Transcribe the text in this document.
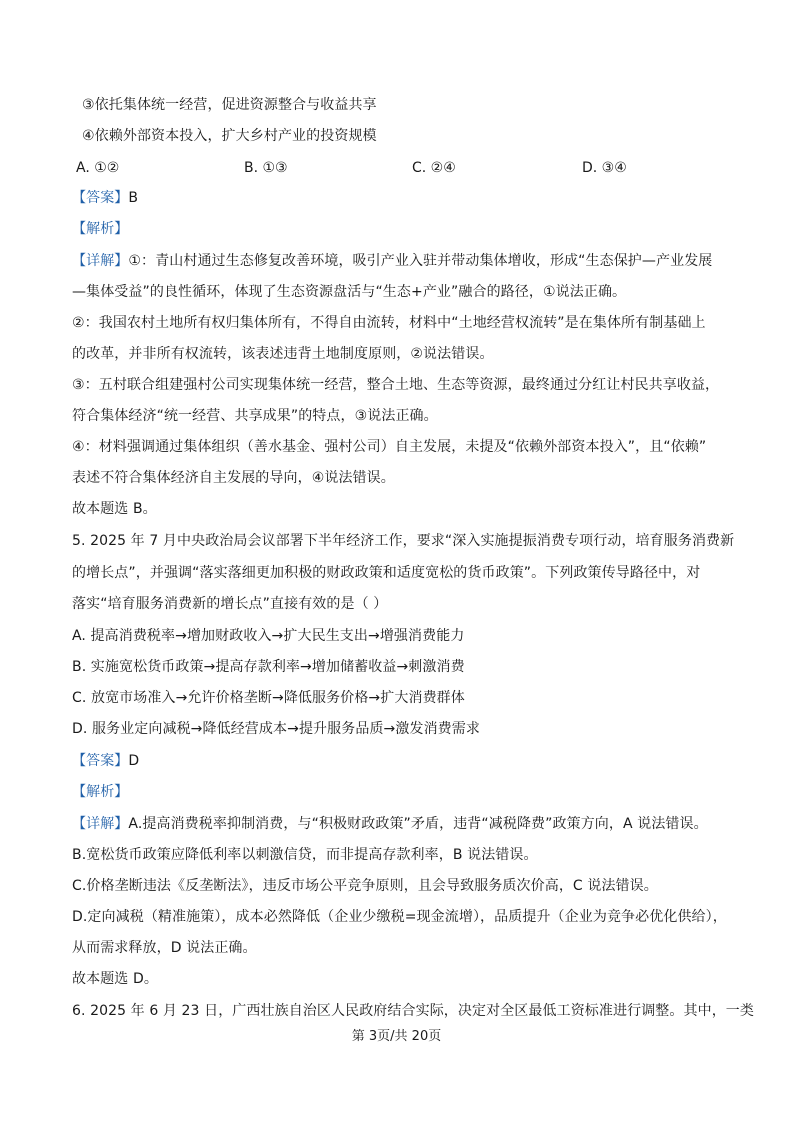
③依托集体统一经营，促进资源整合与收益共享
④依赖外部资本投入，扩大乡村产业的投资规模
A. ①②	B. ①③	C. ②④	D. ③④
【答案】B
【解析】
【详解】①：青山村通过生态修复改善环境，吸引产业入驻并带动集体增收，形成“生态保护—产业发展
—集体受益”的良性循环，体现了生态资源盘活与“生态+产业”融合的路径，①说法正确。
②：我国农村土地所有权归集体所有，不得自由流转，材料中“土地经营权流转”是在集体所有制基础上
的改革，并非所有权流转，该表述违背土地制度原则，②说法错误。
③：五村联合组建强村公司实现集体统一经营，整合土地、生态等资源，最终通过分红让村民共享收益，
符合集体经济“统一经营、共享成果”的特点，③说法正确。
④：材料强调通过集体组织（善水基金、强村公司）自主发展，未提及“依赖外部资本投入”，且“依赖”
表述不符合集体经济自主发展的导向，④说法错误。
故本题选 B。
5. 2025 年 7 月中央政治局会议部署下半年经济工作，要求“深入实施提振消费专项行动，培育服务消费新
的增长点”，并强调“落实落细更加积极的财政政策和适度宽松的货币政策”。下列政策传导路径中，对
落实“培育服务消费新的增长点”直接有效的是（ ）
A. 提高消费税率→增加财政收入→扩大民生支出→增强消费能力
B. 实施宽松货币政策→提高存款利率→增加储蓄收益→刺激消费
C. 放宽市场准入→允许价格垄断→降低服务价格→扩大消费群体
D. 服务业定向减税→降低经营成本→提升服务品质→激发消费需求
【答案】D
【解析】
【详解】A.提高消费税率抑制消费，与“积极财政政策”矛盾，违背“减税降费”政策方向，A 说法错误。
B.宽松货币政策应降低利率以刺激信贷，而非提高存款利率，B 说法错误。
C.价格垄断违法《反垄断法》，违反市场公平竞争原则，且会导致服务质次价高，C 说法错误。
D.定向减税（精准施策），成本必然降低（企业少缴税=现金流增），品质提升（企业为竞争必优化供给），
从而需求释放，D 说法正确。
故本题选 D。
6. 2025 年 6 月 23 日，广西壮族自治区人民政府结合实际，决定对全区最低工资标准进行调整。其中，一类
第 3页/共 20页
